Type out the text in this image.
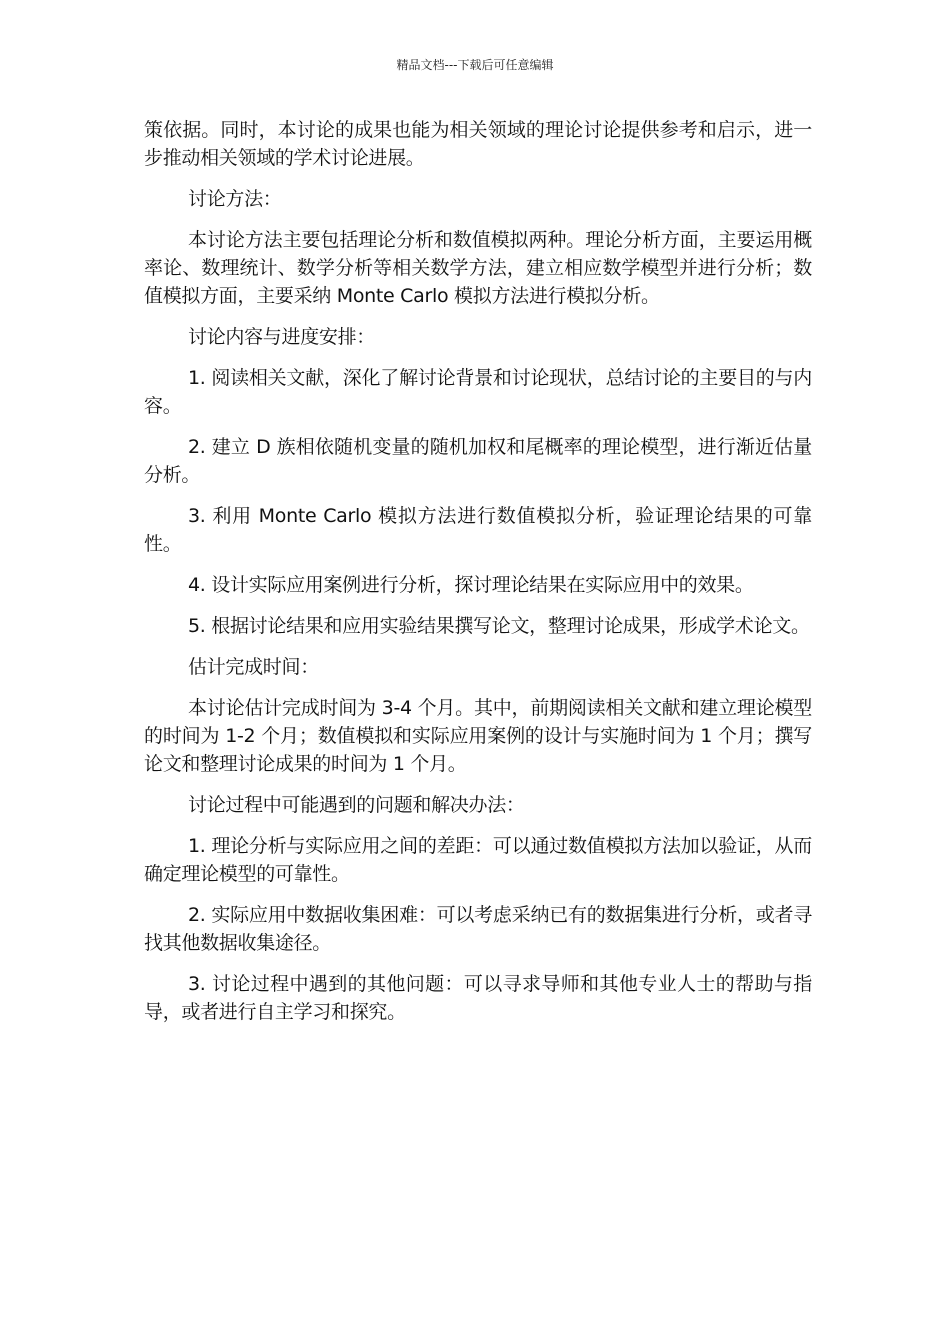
精品文档---下载后可任意编辑

策依据。同时，本讨论的成果也能为相关领域的理论讨论提供参考和启示，进一步推动相关领域的学术讨论进展。

讨论方法：

本讨论方法主要包括理论分析和数值模拟两种。理论分析方面，主要运用概率论、数理统计、数学分析等相关数学方法，建立相应数学模型并进行分析；数值模拟方面，主要采纳 Monte Carlo 模拟方法进行模拟分析。

讨论内容与进度安排：

1. 阅读相关文献，深化了解讨论背景和讨论现状，总结讨论的主要目的与内容。

2. 建立 D 族相依随机变量的随机加权和尾概率的理论模型，进行渐近估量分析。

3. 利用 Monte Carlo 模拟方法进行数值模拟分析，验证理论结果的可靠性。

4. 设计实际应用案例进行分析，探讨理论结果在实际应用中的效果。

5. 根据讨论结果和应用实验结果撰写论文，整理讨论成果，形成学术论文。

估计完成时间：

本讨论估计完成时间为 3-4 个月。其中，前期阅读相关文献和建立理论模型的时间为 1-2 个月；数值模拟和实际应用案例的设计与实施时间为 1 个月；撰写论文和整理讨论成果的时间为 1 个月。

讨论过程中可能遇到的问题和解决办法：

1. 理论分析与实际应用之间的差距：可以通过数值模拟方法加以验证，从而确定理论模型的可靠性。

2. 实际应用中数据收集困难：可以考虑采纳已有的数据集进行分析，或者寻找其他数据收集途径。

3. 讨论过程中遇到的其他问题：可以寻求导师和其他专业人士的帮助与指导，或者进行自主学习和探究。
